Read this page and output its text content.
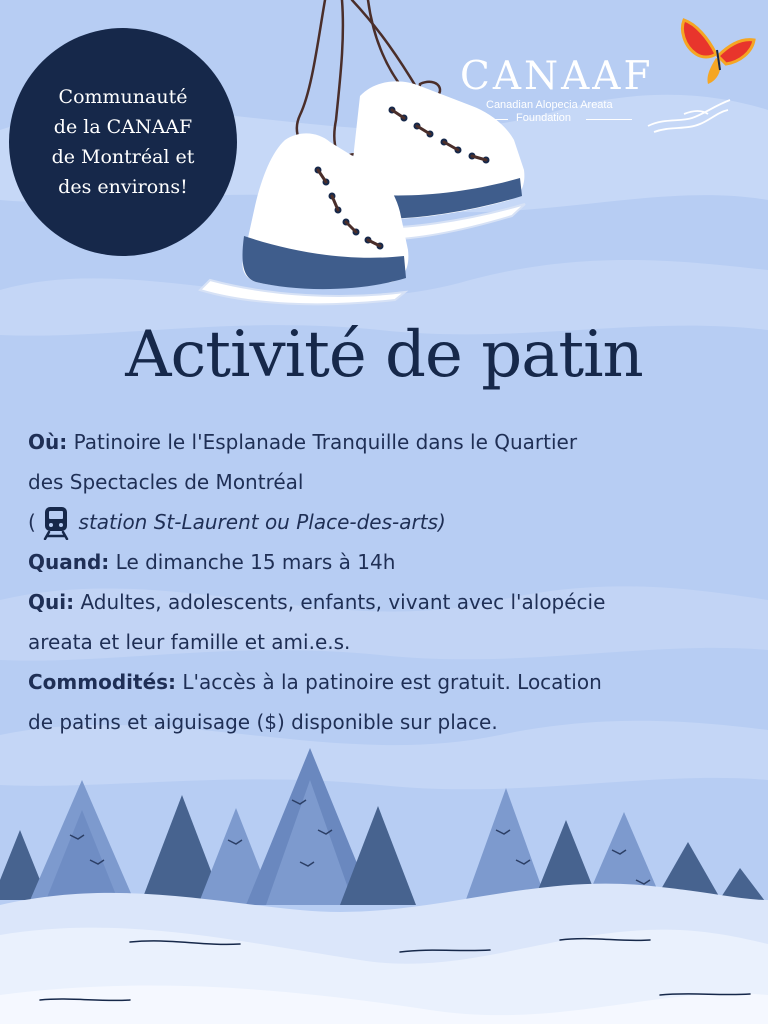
Communauté
de la CANAAF
de Montréal et
des environs!
CANAAF
Canadian Alopecia Areata
Foundation
Activité de patin
Où: Patinoire le l'Esplanade Tranquille dans le Quartier
des Spectacles de Montréal
( station St-Laurent ou Place-des-arts)
Quand: Le dimanche 15 mars à 14h
Qui: Adultes, adolescents, enfants, vivant avec l'alopécie
areata et leur famille et ami.e.s.
Commodités: L'accès à la patinoire est gratuit. Location
de patins et aiguisage ($) disponible sur place.
